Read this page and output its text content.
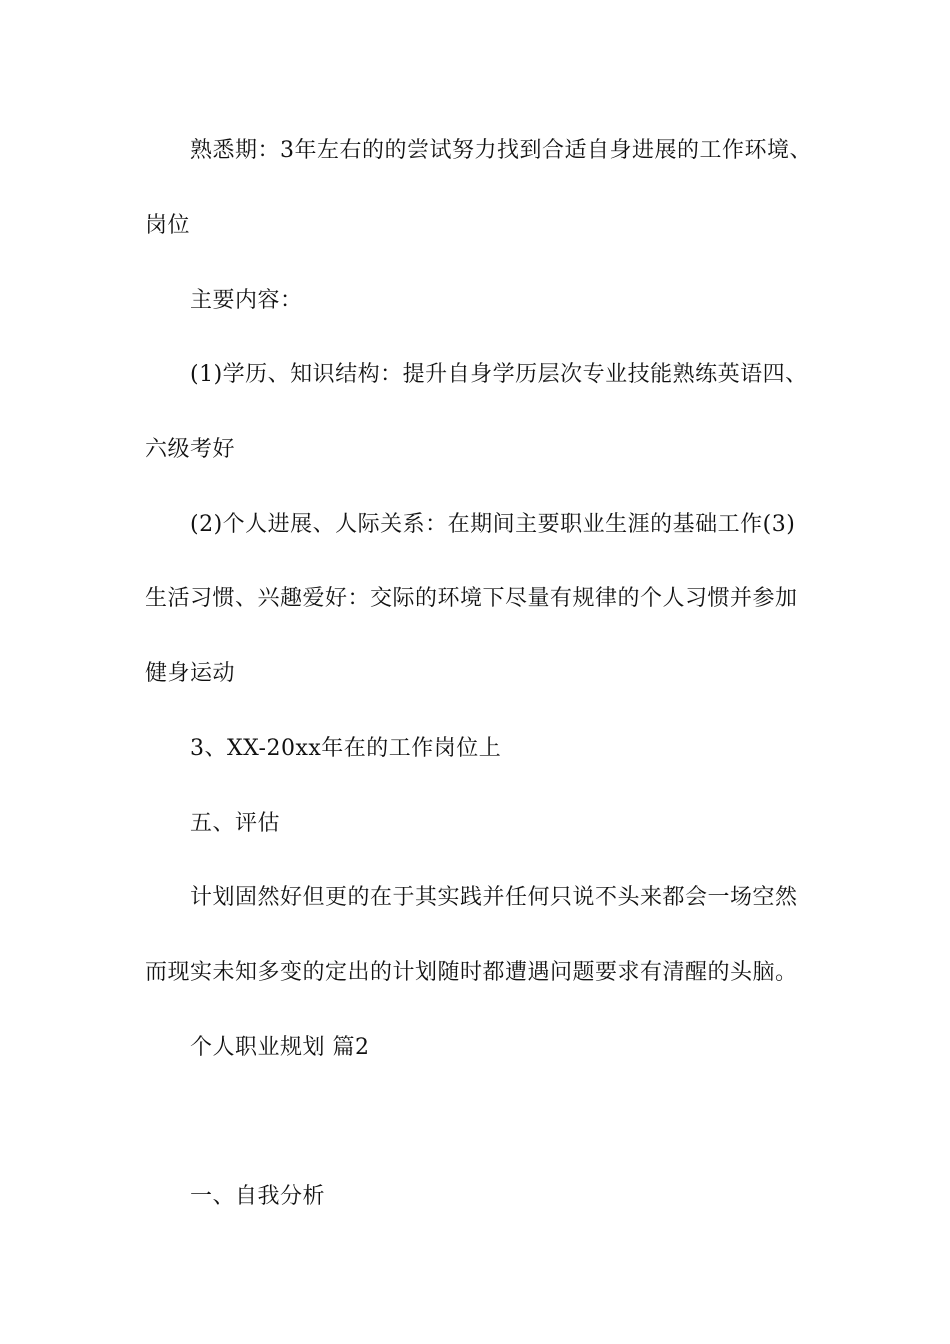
熟悉期：3年左右的的尝试努力找到合适自身进展的工作环境、
岗位
主要内容：
(1)学历、知识结构：提升自身学历层次专业技能熟练英语四、
六级考好
(2)个人进展、人际关系：在期间主要职业生涯的基础工作(3)
生活习惯、兴趣爱好：交际的环境下尽量有规律的个人习惯并参加
健身运动
3、XX-20xx年在的工作岗位上
五、评估
计划固然好但更的在于其实践并任何只说不头来都会一场空然
而现实未知多变的定出的计划随时都遭遇问题要求有清醒的头脑。
个人职业规划 篇2
一、自我分析
